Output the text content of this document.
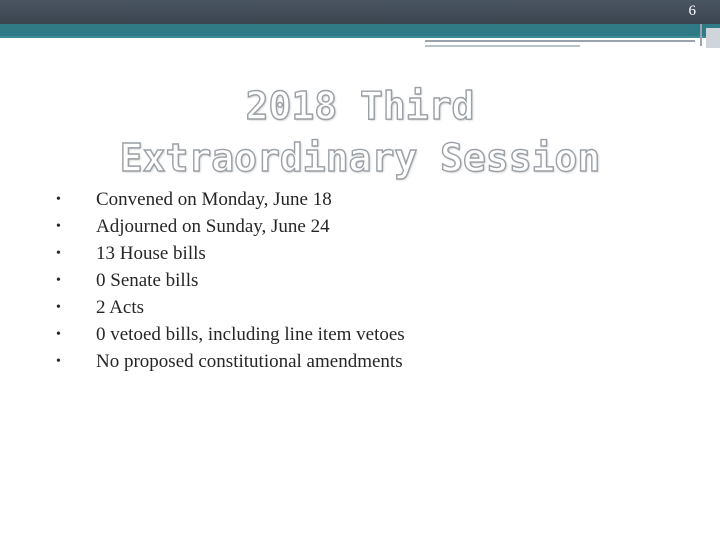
6
2018 Third
Extraordinary Session
• Convened on Monday, June 18
• Adjourned on Sunday, June 24
• 13 House bills
• 0 Senate bills
• 2 Acts
• 0 vetoed bills, including line item vetoes
• No proposed constitutional amendments
